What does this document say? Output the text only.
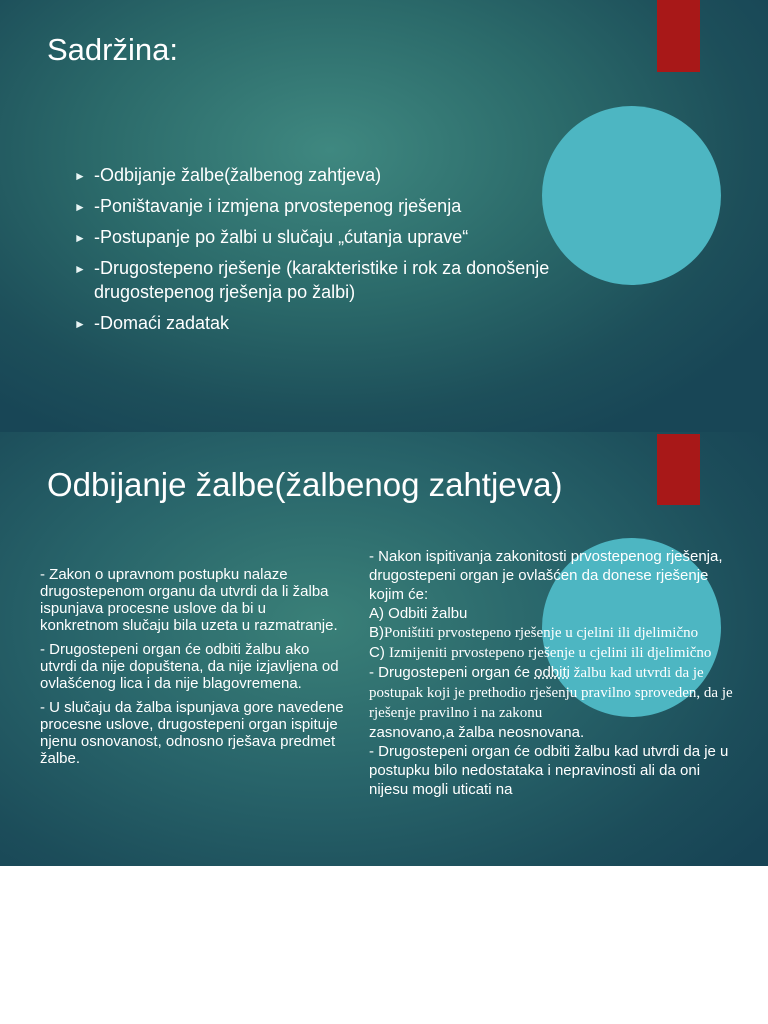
Sadržina:
► -Odbijanje žalbe(žalbenog zahtjeva)
► -Poništavanje i izmjena prvostepenog rješenja
► -Postupanje po žalbi u slučaju „ćutanja uprave“
► -Drugostepeno rješenje (karakteristike i rok za donošenje drugostepenog rješenja po žalbi)
► -Domaći zadatak
Odbijanje žalbe(žalbenog zahtjeva)

- Zakon o upravnom postupku nalaze drugostepenom organu da utvrdi da li žalba ispunjava procesne uslove da bi u konkretnom slučaju bila uzeta u razmatranje.

- Drugostepeni organ će odbiti žalbu ako utvrdi da nije dopuštena, da nije izjavljena od ovlašćenog lica i da nije blagovremena.

- U slučaju da žalba ispunjava gore navedene procesne uslove, drugostepeni organ ispituje njenu osnovanost, odnosno rješava predmet žalbe.

- Nakon ispitivanja zakonitosti prvostepenog rješenja, drugostepeni organ je ovlašćen da donese rješenje kojim će:

A) Odbiti žalbu

B)Poništiti prvostepeno rješenje u cjelini ili djelimično

C) Izmijeniti prvostepeno rješenje u cjelini ili djelimično

- Drugostepeni organ će odbiti žalbu kad utvrdi da je postupak koji je prethodio rješenju pravilno sproveden, da je rješenje pravilno i na zakonu

zasnovano,a žalba neosnovana.

- Drugostepeni organ će odbiti žalbu kad utvrdi da je u postupku bilo nedostataka i nepravinosti ali da oni nijesu mogli uticati na
